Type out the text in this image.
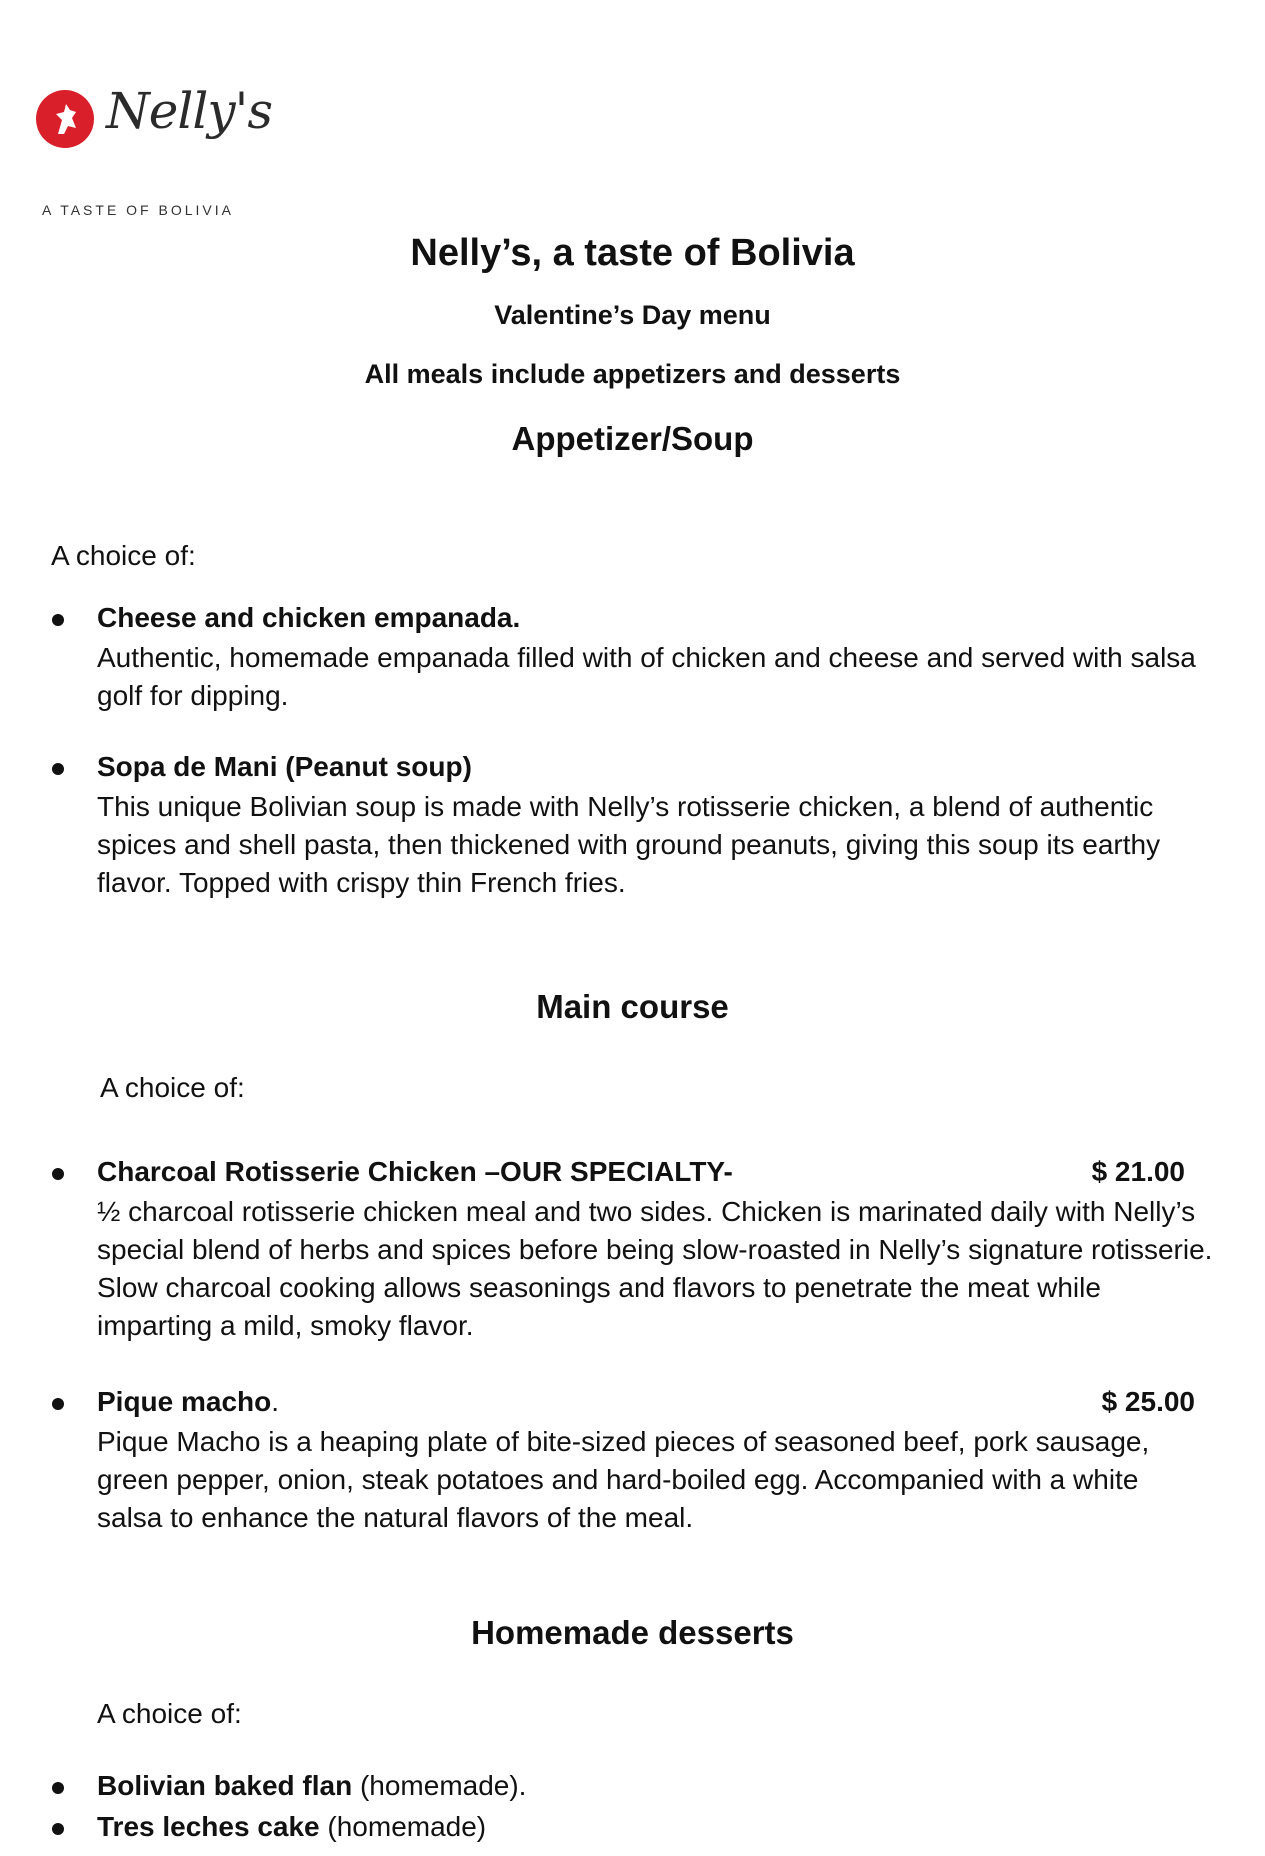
Nelly's
A TASTE OF BOLIVIA
Nelly’s, a taste of Bolivia
Valentine’s Day menu
All meals include appetizers and desserts
Appetizer/Soup
A choice of:
Cheese and chicken empanada.
Authentic, homemade empanada filled with of chicken and cheese and served with salsa golf for dipping.
Sopa de Mani (Peanut soup)
This unique Bolivian soup is made with Nelly’s rotisserie chicken, a blend of authentic spices and shell pasta, then thickened with ground peanuts, giving this soup its earthy flavor. Topped with crispy thin French fries.
Main course
A choice of:
Charcoal Rotisserie Chicken –OUR SPECIALTY-	$ 21.00
½ charcoal rotisserie chicken meal and two sides. Chicken is marinated daily with Nelly’s special blend of herbs and spices before being slow-roasted in Nelly’s signature rotisserie. Slow charcoal cooking allows seasonings and flavors to penetrate the meat while imparting a mild, smoky flavor.
Pique macho.	$ 25.00
Pique Macho is a heaping plate of bite-sized pieces of seasoned beef, pork sausage, green pepper, onion, steak potatoes and hard-boiled egg. Accompanied with a white salsa to enhance the natural flavors of the meal.
Homemade desserts
A choice of:
Bolivian baked flan (homemade).
Tres leches cake (homemade)
